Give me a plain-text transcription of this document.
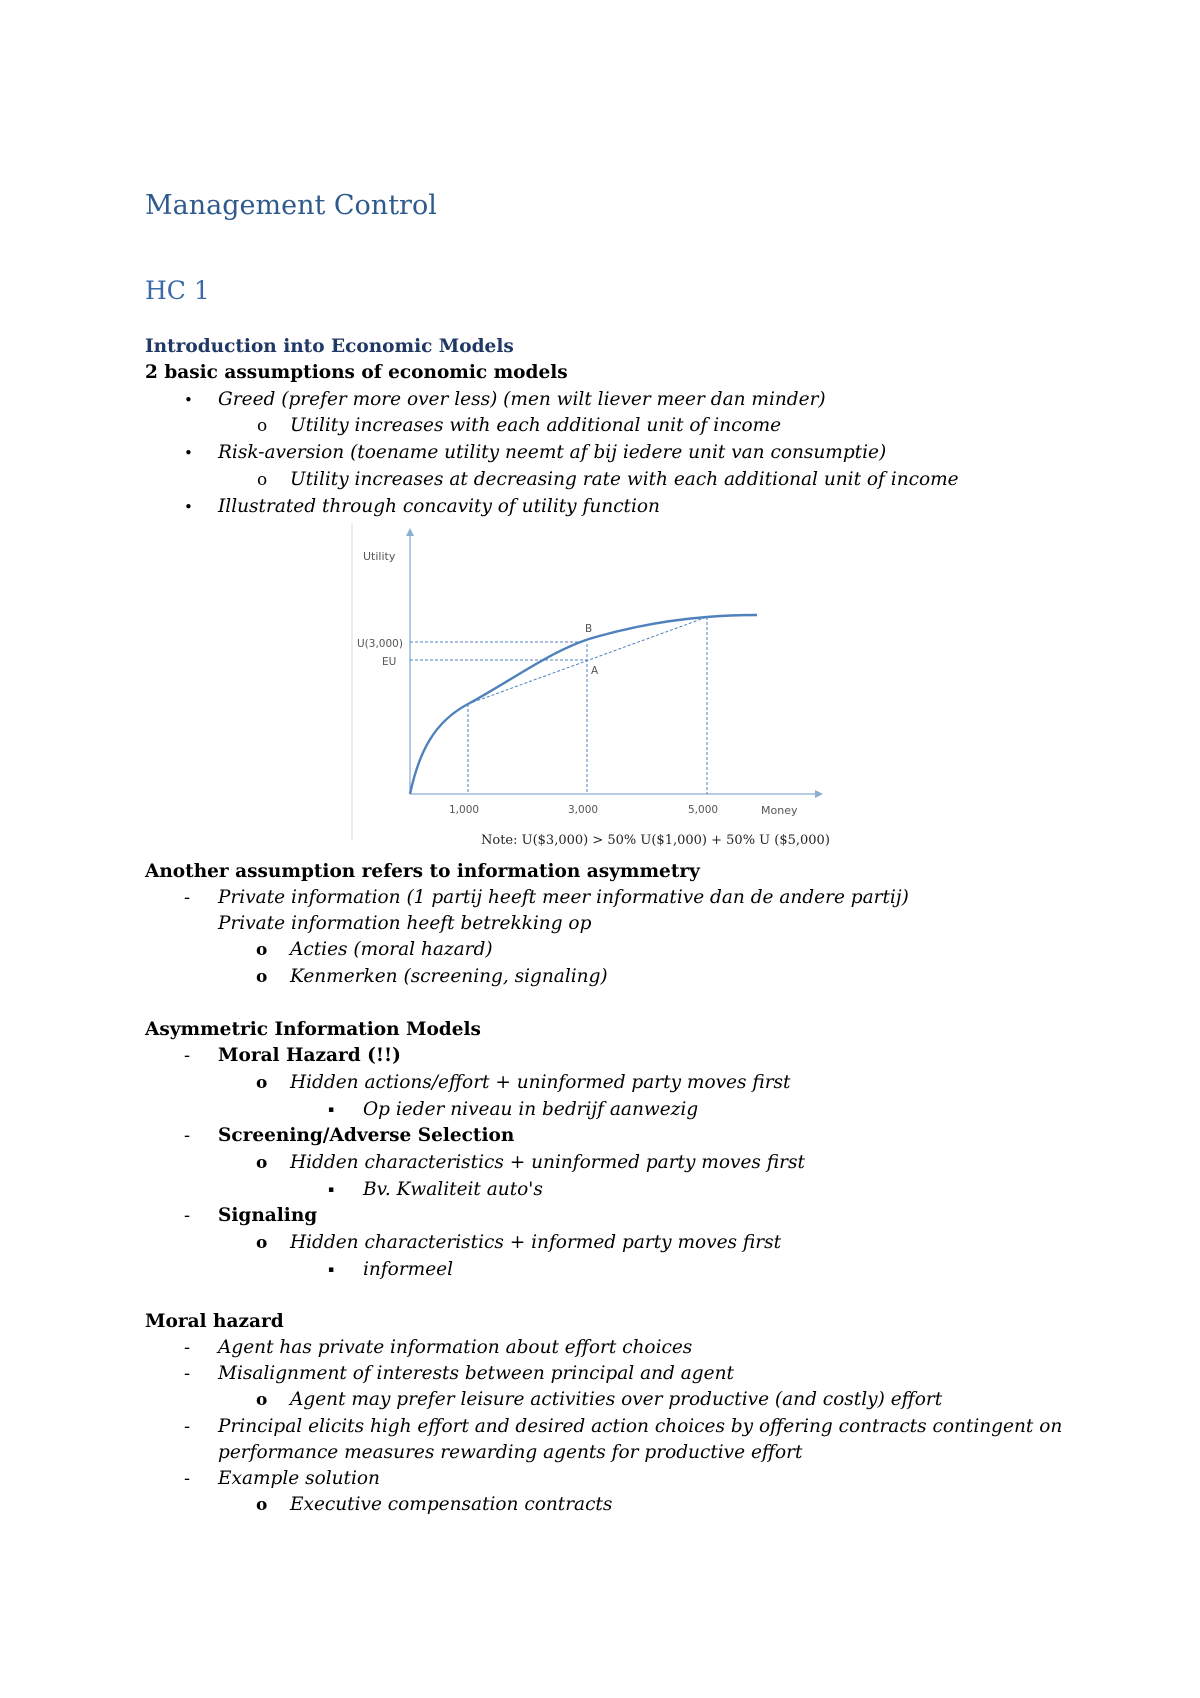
Management Control
HC 1

Introduction into Economic Models

2 basic assumptions of economic models

• Greed (prefer more over less) (men wilt liever meer dan minder)

o Utility increases with each additional unit of income

• Risk-aversion (toename utility neemt af bij iedere unit van consumptie)

o Utility increases at decreasing rate with each additional unit of income

• Illustrated through concavity of utility function

Utility
Money
U(3,000)
EU
1,000	3,000	5,000
B
A
Note: U($3,000) > 50% U($1,000) + 50% U ($5,000)

Another assumption refers to information asymmetry

- Private information (1 partij heeft meer informative dan de andere partij)

Private information heeft betrekking op

o Acties (moral hazard)

o Kenmerken (screening, signaling)

Asymmetric Information Models

- Moral Hazard (!!)

o Hidden actions/effort + uninformed party moves first

▪ Op ieder niveau in bedrijf aanwezig

- Screening/Adverse Selection

o Hidden characteristics + uninformed party moves first

▪ Bv. Kwaliteit auto's

- Signaling

o Hidden characteristics + informed party moves first

▪ informeel

Moral hazard

- Agent has private information about effort choices

- Misalignment of interests between principal and agent

o Agent may prefer leisure activities over productive (and costly) effort

- Principal elicits high effort and desired action choices by offering contracts contingent on

performance measures rewarding agents for productive effort

- Example solution

o Executive compensation contracts
